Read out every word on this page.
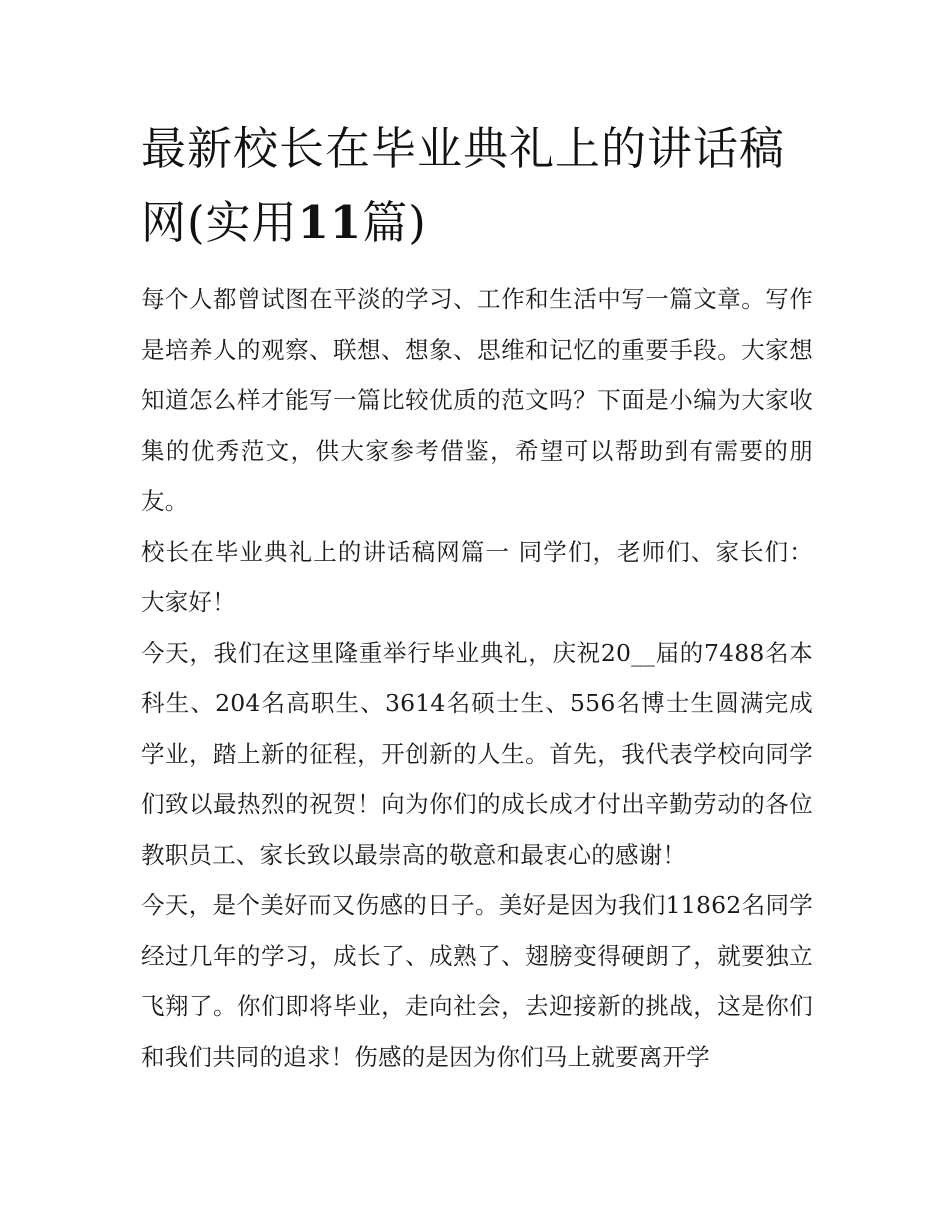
最新校长在毕业典礼上的讲话稿网(实用11篇)

每个人都曾试图在平淡的学习、工作和生活中写一篇文章。写作是培养人的观察、联想、想象、思维和记忆的重要手段。大家想知道怎么样才能写一篇比较优质的范文吗？下面是小编为大家收集的优秀范文，供大家参考借鉴，希望可以帮助到有需要的朋友。

校长在毕业典礼上的讲话稿网篇一 同学们，老师们、家长们： 大家好！

今天，我们在这里隆重举行毕业典礼，庆祝20__届的7488名本科生、204名高职生、3614名硕士生、556名博士生圆满完成学业，踏上新的征程，开创新的人生。首先，我代表学校向同学们致以最热烈的祝贺！向为你们的成长成才付出辛勤劳动的各位教职员工、家长致以最崇高的敬意和最衷心的感谢！

今天，是个美好而又伤感的日子。美好是因为我们11862名同学经过几年的学习，成长了、成熟了、翅膀变得硬朗了，就要独立飞翔了。你们即将毕业，走向社会，去迎接新的挑战，这是你们和我们共同的追求！伤感的是因为你们马上就要离开学
